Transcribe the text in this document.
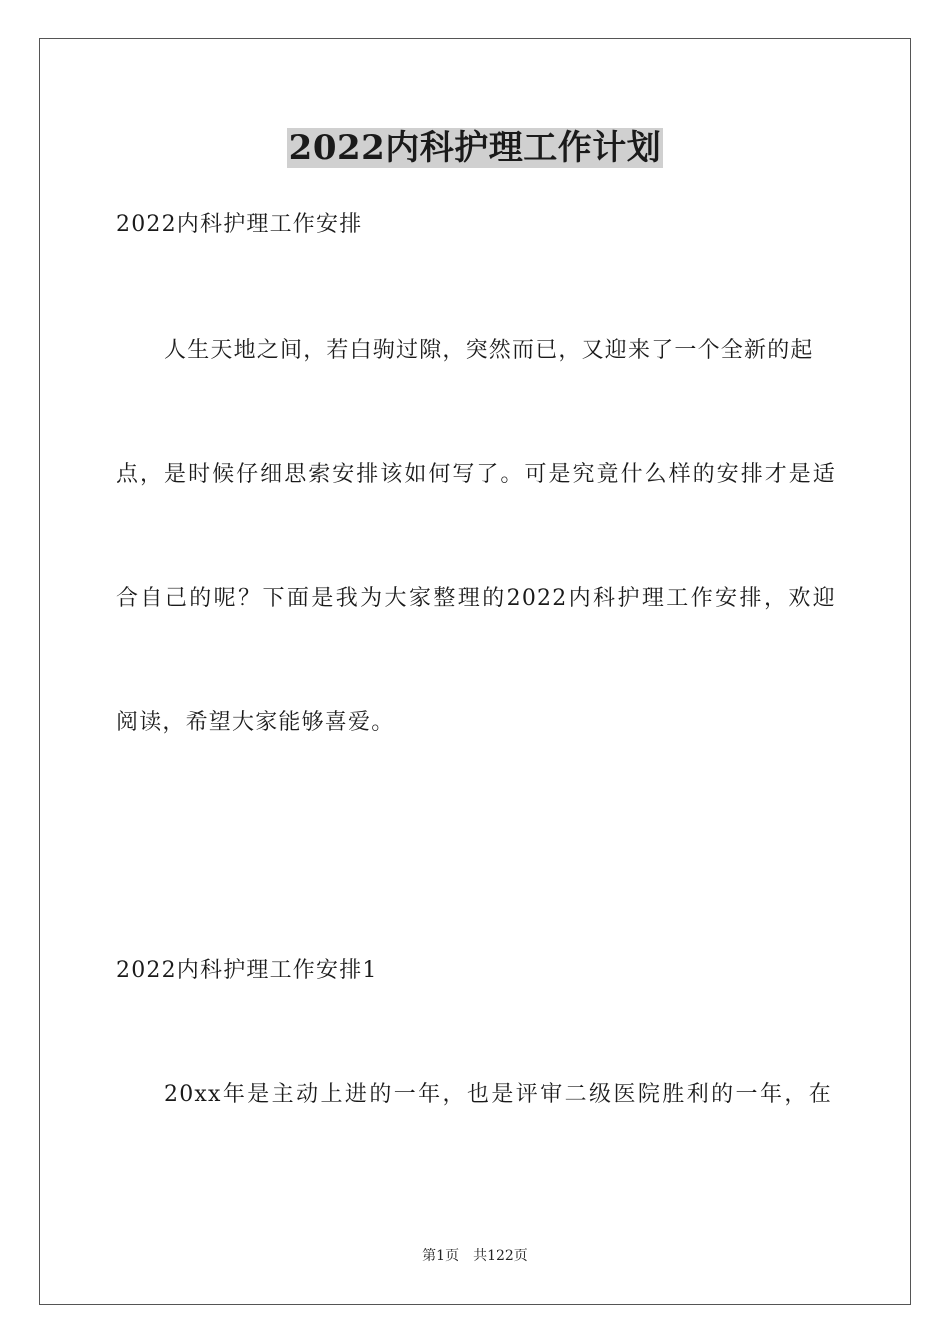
2022内科护理工作计划
2022内科护理工作安排
人生天地之间，若白驹过隙，突然而已，又迎来了一个全新的起
点，是时候仔细思索安排该如何写了。可是究竟什么样的安排才是适
合自己的呢？下面是我为大家整理的2022内科护理工作安排，欢迎
阅读，希望大家能够喜爱。
2022内科护理工作安排1
20xx年是主动上进的一年，也是评审二级医院胜利的一年，在
第1页　共122页
